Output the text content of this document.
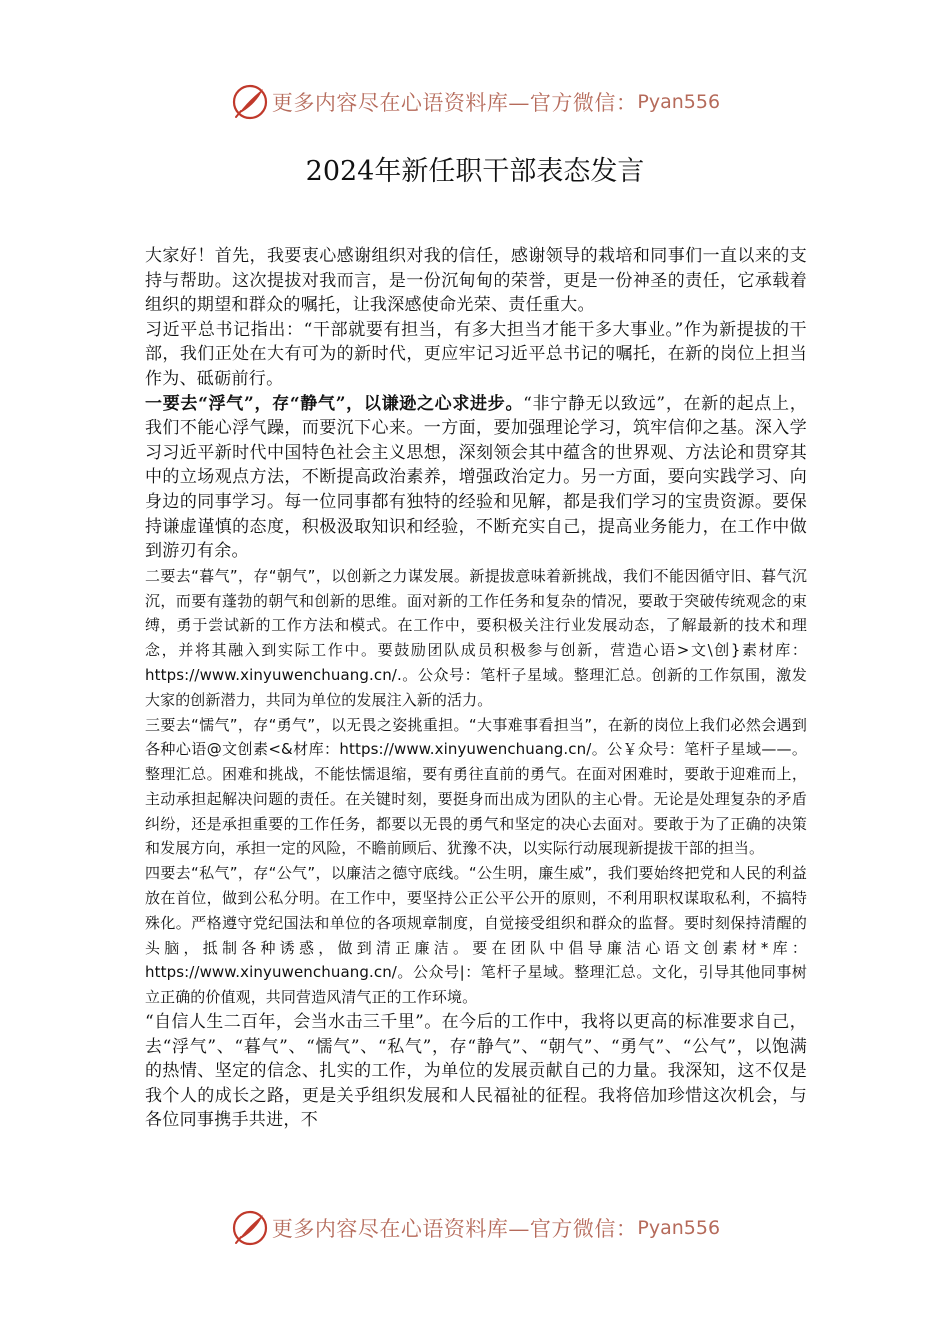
更多内容尽在心语资料库—官方微信： Pyan556
2024年新任职干部表态发言

大家好！首先，我要衷心感谢组织对我的信任，感谢领导的栽培和同事们一直以来的支持与帮助。这次提拔对我而言，是一份沉甸甸的荣誉，更是一份神圣的责任，它承载着组织的期望和群众的嘱托，让我深感使命光荣、责任重大。

习近平总书记指出：“干部就要有担当，有多大担当才能干多大事业。”作为新提拔的干部，我们正处在大有可为的新时代，更应牢记习近平总书记的嘱托，在新的岗位上担当作为、砥砺前行。

一要去“浮气”，存“静气”，以谦逊之心求进步。“非宁静无以致远”，在新的起点上，我们不能心浮气躁，而要沉下心来。一方面，要加强理论学习，筑牢信仰之基。深入学习习近平新时代中国特色社会主义思想，深刻领会其中蕴含的世界观、方法论和贯穿其中的立场观点方法，不断提高政治素养，增强政治定力。另一方面，要向实践学习、向身边的同事学习。每一位同事都有独特的经验和见解，都是我们学习的宝贵资源。要保持谦虚谨慎的态度，积极汲取知识和经验，不断充实自己，提高业务能力，在工作中做到游刃有余。

二要去“暮气”，存“朝气”，以创新之力谋发展。新提拔意味着新挑战，我们不能因循守旧、暮气沉沉，而要有蓬勃的朝气和创新的思维。面对新的工作任务和复杂的情况，要敢于突破传统观念的束缚，勇于尝试新的工作方法和模式。在工作中，要积极关注行业发展动态，了解最新的技术和理念，并将其融入到实际工作中。要鼓励团队成员积极参与创新，营造心语>文\创}素材库：https://www.xinyuwenchuang.cn/.。公众号：笔杆子星域。整理汇总。创新的工作氛围，激发大家的创新潜力，共同为单位的发展注入新的活力。

三要去“懦气”，存“勇气”，以无畏之姿挑重担。“大事难事看担当”，在新的岗位上我们必然会遇到各种心语@文创素<&材库：https://www.xinyuwenchuang.cn/。公￥众号：笔杆子星域——。整理汇总。困难和挑战，不能怯懦退缩，要有勇往直前的勇气。在面对困难时，要敢于迎难而上，主动承担起解决问题的责任。在关键时刻，要挺身而出成为团队的主心骨。无论是处理复杂的矛盾纠纷，还是承担重要的工作任务，都要以无畏的勇气和坚定的决心去面对。要敢于为了正确的决策和发展方向，承担一定的风险，不瞻前顾后、犹豫不决，以实际行动展现新提拔干部的担当。

四要去“私气”，存“公气”，以廉洁之德守底线。“公生明，廉生威”，我们要始终把党和人民的利益放在首位，做到公私分明。在工作中，要坚持公正公平公开的原则，不利用职权谋取私利，不搞特殊化。严格遵守党纪国法和单位的各项规章制度，自觉接受组织和群众的监督。要时刻保持清醒的头脑，抵制各种诱惑，做到清正廉洁。要在团队中倡导廉洁心语文创素材*库：https://www.xinyuwenchuang.cn/。公众号|：笔杆子星域。整理汇总。文化，引导其他同事树立正确的价值观，共同营造风清气正的工作环境。

“自信人生二百年，会当水击三千里”。在今后的工作中，我将以更高的标准要求自己，去“浮气”、“暮气”、“懦气”、“私气”，存“静气”、“朝气”、“勇气”、“公气”，以饱满的热情、坚定的信念、扎实的工作，为单位的发展贡献自己的力量。我深知，这不仅是我个人的成长之路，更是关乎组织发展和人民福祉的征程。我将倍加珍惜这次机会，与各位同事携手共进，不

更多内容尽在心语资料库—官方微信： Pyan556
